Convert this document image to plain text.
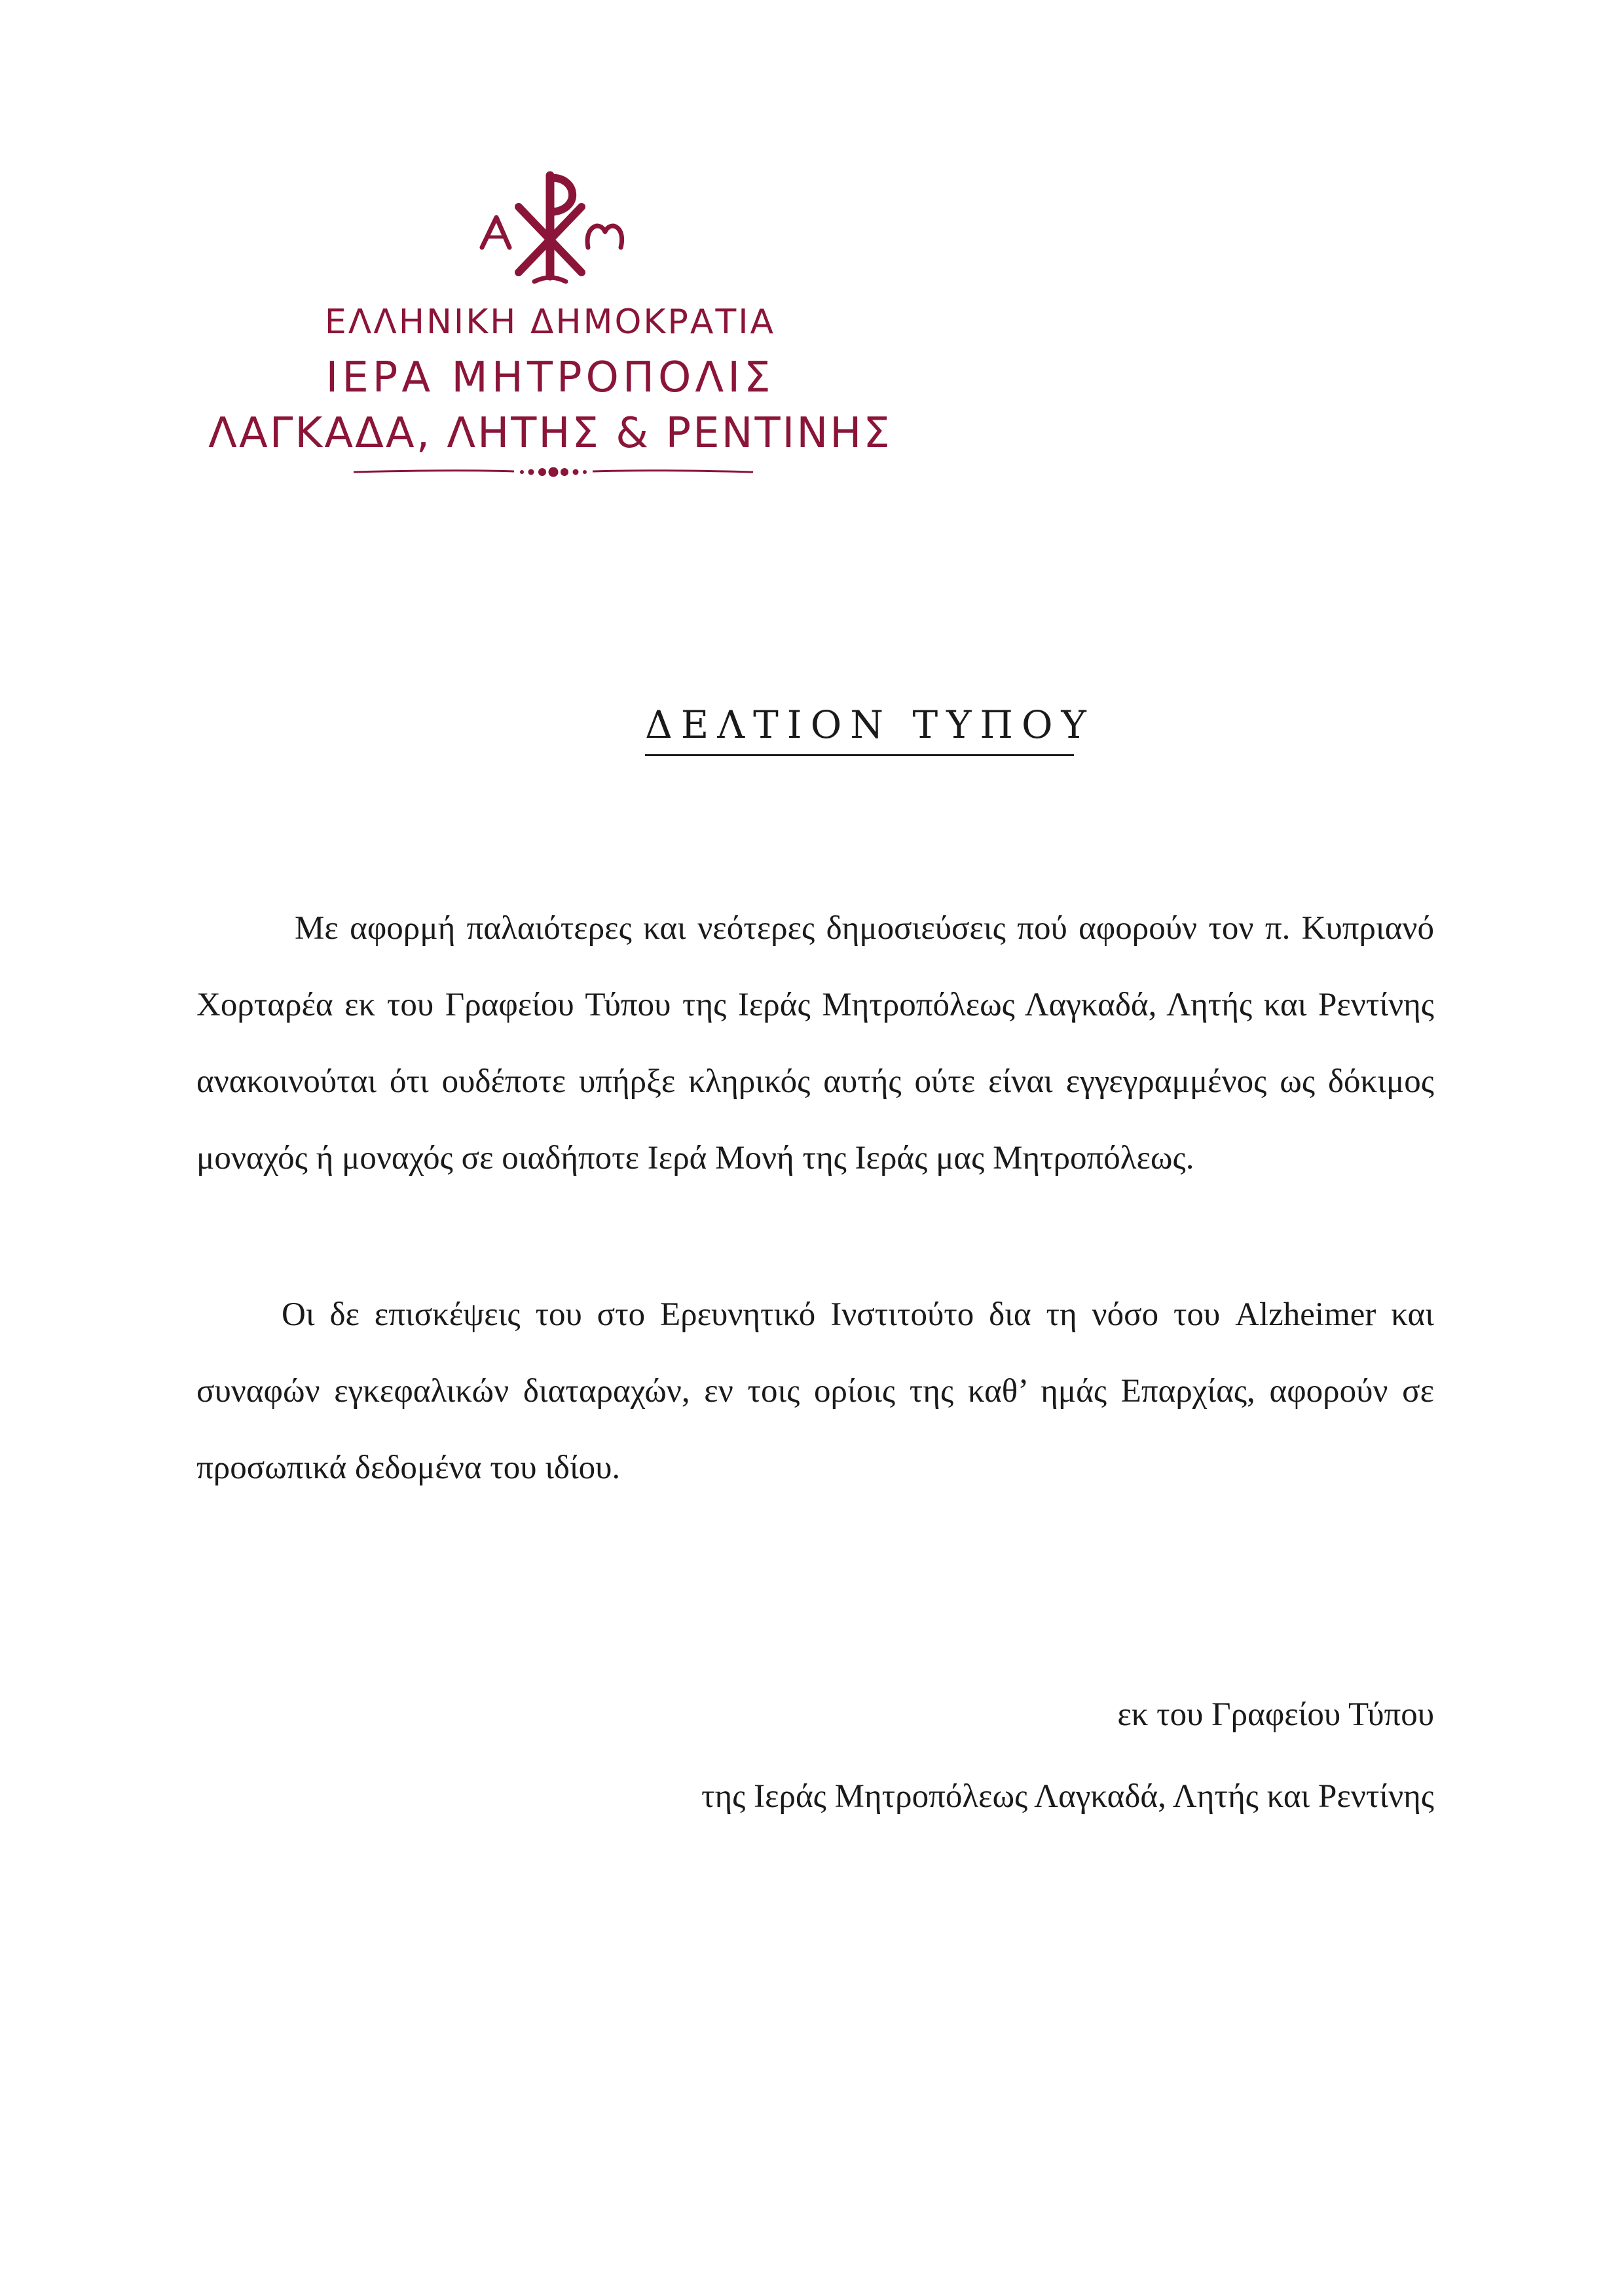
ΕΛΛΗΝΙΚΗ ΔΗΜΟΚΡΑΤΙΑ
ΙΕΡΑ ΜΗΤΡΟΠΟΛΙΣ
ΛΑΓΚΑΔΑ, ΛΗΤΗΣ & ΡΕΝΤΙΝΗΣ
ΔΕΛΤΙΟΝ ΤΥΠΟΥ

Με αφορμή παλαιότερες και νεότερες δημοσιεύσεις πού αφορούν τον π. Κυπριανό Χορταρέα εκ του Γραφείου Τύπου της Ιεράς Μητροπόλεως Λαγκαδά, Λητής και Ρεντίνης ανακοινούται ότι ουδέποτε υπήρξε κληρικός αυτής ούτε είναι εγγεγραμμένος ως δόκιμος μοναχός ή μοναχός σε οιαδήποτε Ιερά Μονή της Ιεράς μας Μητροπόλεως.

Οι δε επισκέψεις του στο Ερευνητικό Ινστιτούτο δια τη νόσο του Alzheimer και συναφών εγκεφαλικών διαταραχών, εν τοις ορίοις της καθ’ ημάς Επαρχίας, αφορούν σε προσωπικά δεδομένα του ιδίου.

εκ του Γραφείου Τύπου
της Ιεράς Μητροπόλεως Λαγκαδά, Λητής και Ρεντίνης
